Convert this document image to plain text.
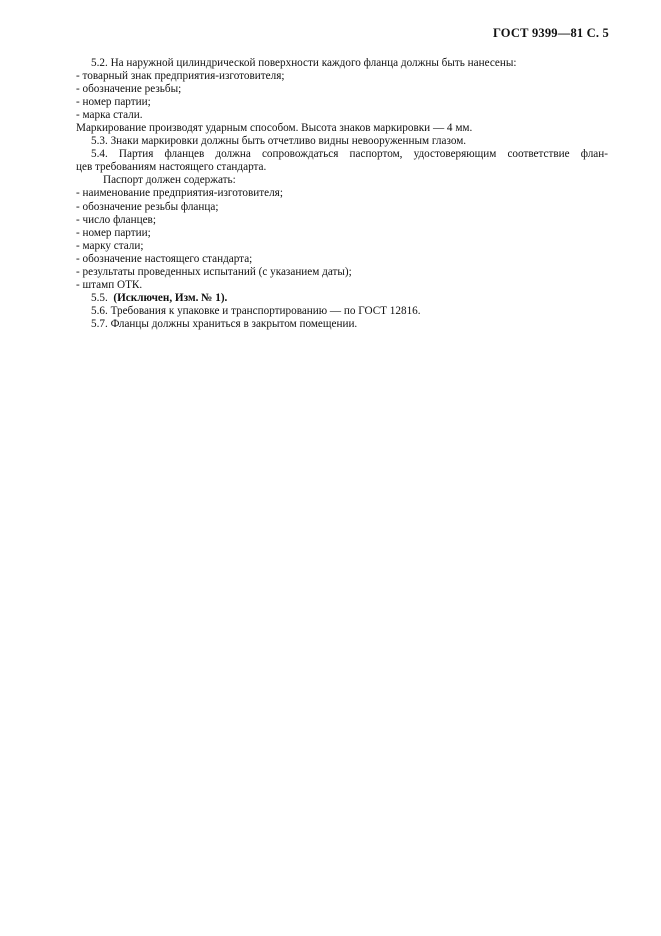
ГОСТ 9399—81 С. 5
5.2. На наружной цилиндрической поверхности каждого фланца должны быть нанесены:
- товарный знак предприятия-изготовителя;
- обозначение резьбы;
- номер партии;
- марка стали.
Маркирование производят ударным способом. Высота знаков маркировки — 4 мм.
5.3. Знаки маркировки должны быть отчетливо видны невооруженным глазом.
5.4. Партия фланцев должна сопровождаться паспортом, удостоверяющим соответствие флан-
цев требованиям настоящего стандарта.
Паспорт должен содержать:
- наименование предприятия-изготовителя;
- обозначение резьбы фланца;
- число фланцев;
- номер партии;
- марку стали;
- обозначение настоящего стандарта;
- результаты проведенных испытаний (с указанием даты);
- штамп ОТК.
5.5. (Исключен, Изм. № 1).
5.6. Требования к упаковке и транспортированию — по ГОСТ 12816.
5.7. Фланцы должны храниться в закрытом помещении.
